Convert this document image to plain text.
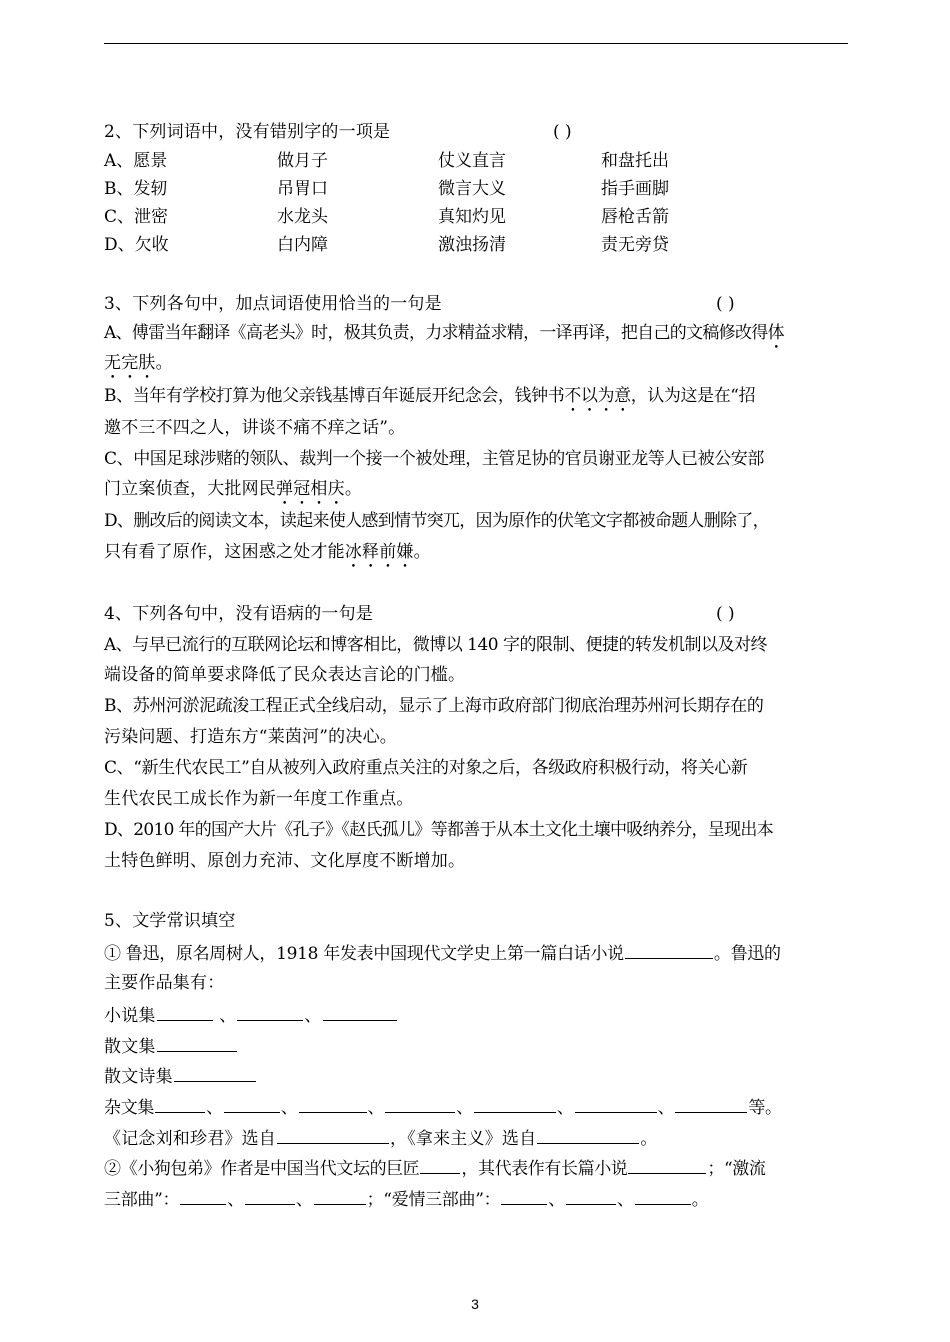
2、下列词语中，没有错别字的一项是	( )
A、愿景	做月子	仗义直言	和盘托出
B、发轫	吊胃口	微言大义	指手画脚
C、泄密	水龙头	真知灼见	唇枪舌箭
D、欠收	白内障	激浊扬清	责无旁贷
3、下列各句中，加点词语使用恰当的一句是	( )
A、傅雷当年翻译《高老头》时，极其负责，力求精益求精，一译再译，把自己的文稿修改得体
无完肤。
B、当年有学校打算为他父亲钱基博百年诞辰开纪念会，钱钟书不以为意，认为这是在“招
邀不三不四之人，讲谈不痛不痒之话”。
C、中国足球涉赌的领队、裁判一个接一个被处理，主管足协的官员谢亚龙等人已被公安部
门立案侦查，大批网民弹冠相庆。
D、删改后的阅读文本，读起来使人感到情节突兀，因为原作的伏笔文字都被命题人删除了，
只有看了原作，这困惑之处才能冰释前嫌。
4、下列各句中，没有语病的一句是	( )
A、与早已流行的互联网论坛和博客相比，微博以 140 字的限制、便捷的转发机制以及对终
端设备的简单要求降低了民众表达言论的门槛。
B、苏州河淤泥疏浚工程正式全线启动，显示了上海市政府部门彻底治理苏州河长期存在的
污染问题、打造东方“莱茵河”的决心。
C、“新生代农民工”自从被列入政府重点关注的对象之后，各级政府积极行动，将关心新
生代农民工成长作为新一年度工作重点。
D、2010 年的国产大片《孔子》《赵氏孤儿》等都善于从本土文化土壤中吸纳养分，呈现出本
土特色鲜明、原创力充沛、文化厚度不断增加。
5、文学常识填空
① 鲁迅，原名周树人，1918 年发表中国现代文学史上第一篇白话小说	。鲁迅的
主要作品集有：
小说集	、	、
散文集
散文诗集
杂文集	、	、	、	、	、	、	等。
《记念刘和珍君》选自	，《拿来主义》选自	。
②《小狗包弟》作者是中国当代文坛的巨匠 ，其代表作有长篇小说	；“激流
三部曲”：	、	、	；“爱情三部曲”：	、	、	。
3
